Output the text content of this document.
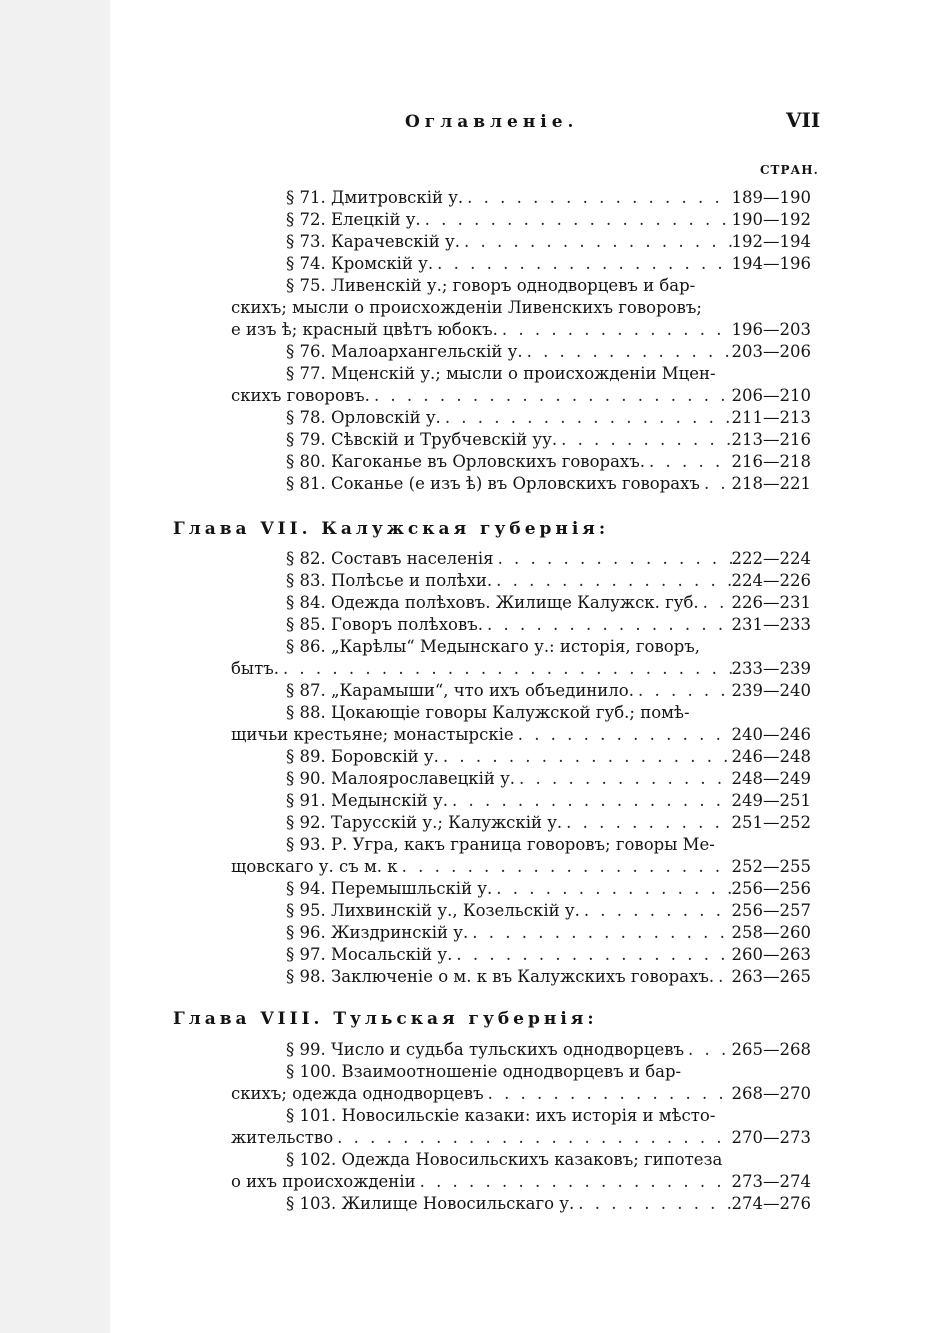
Оглавленіе.	VII
СТРАН.
§ 71. Дмитровскій у. . . .	189—190
§ 72. Елецкій у. . . .	190—192
§ 73. Карачевскій у. . . .	192—194
§ 74. Кромскій у. . . .	194—196
§ 75. Ливенскій у.; говоръ однодворцевъ и бар-
скихъ; мысли о происхожденіи Ливенскихъ говоровъ;
е изъ ѣ; красный цвѣтъ юбокъ. . . .	196—203
§ 76. Малоархангельскій у. . . .	203—206
§ 77. Мценскій у.; мысли о происхожденіи Мцен-
скихъ говоровъ. . . .	206—210
§ 78. Орловскій у. . . .	211—213
§ 79. Сѣвскій и Трубчевскій уу. . . .	213—216
§ 80. Кагоканье въ Орловскихъ говорахъ. . . .	216—218
§ 81. Соканье (е изъ ѣ) въ Орловскихъ говорахъ . . . 218—221
Глава VII. Калужская губернія:
§ 82. Составъ населенія . . .	222—224
§ 83. Полѣсье и полѣхи. . . .	224—226
§ 84. Одежда полѣховъ. Жилище Калужск. губ. . . . 226—231
§ 85. Говоръ полѣховъ. . . .	231—233
§ 86. „Карѣлы“ Медынскаго у.: исторія, говоръ,
бытъ. . . .	233—239
§ 87. „Карамыши“, что ихъ объединило. . . .	239—240
§ 88. Цокающіе говоры Калужской губ.; помѣ-
щичьи крестьяне; монастырскіе . . .	240—246
§ 89. Боровскій у. . . .	246—248
§ 90. Малоярославецкій у. . . .	248—249
§ 91. Медынскій у. . . .	249—251
§ 92. Тарусскій у.; Калужскій у. . . .	251—252
§ 93. Р. Угра, какъ граница говоровъ; говоры Ме-
щовскаго у. съ м. к . . .	252—255
§ 94. Перемышльскій у. . . .	256—256
§ 95. Лихвинскій у., Козельскій у. . . .	256—257
§ 96. Жиздринскій у. . . .	258—260
§ 97. Мосальскій у. . . .	260—263
§ 98. Заключеніе о м. к въ Калужскихъ говорахъ. . . . 263—265
Глава VIII. Тульская губернія:
§ 99. Число и судьба тульскихъ однодворцевъ . . .	265—268
§ 100. Взаимоотношеніе однодворцевъ и бар-
скихъ; одежда однодворцевъ . . .	268—270
§ 101. Новосильскіе казаки: ихъ исторія и мѣсто-
жительство . . .	270—273
§ 102. Одежда Новосильскихъ казаковъ; гипотеза
о ихъ происхожденіи . . .	273—274
§ 103. Жилище Новосильскаго у. . . .	274—276
